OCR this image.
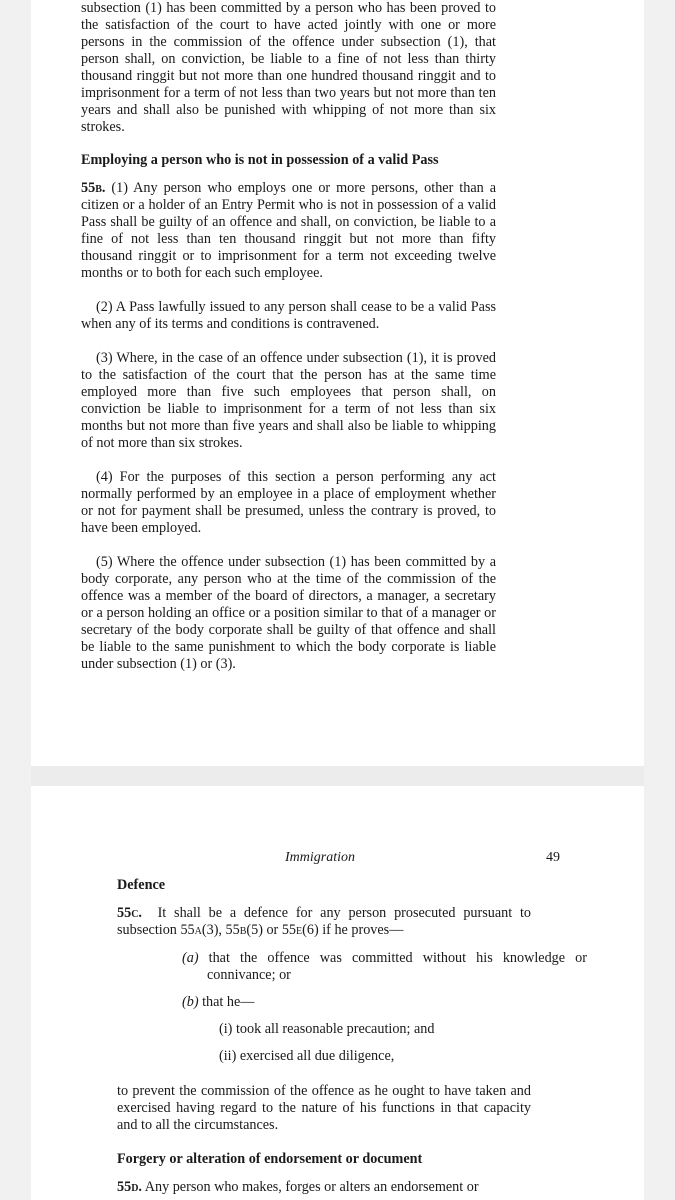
subsection (1) has been committed by a person who has been proved to the satisfaction of the court to have acted jointly with one or more persons in the commission of the offence under subsection (1), that person shall, on conviction, be liable to a fine of not less than thirty thousand ringgit but not more than one hundred thousand ringgit and to imprisonment for a term of not less than two years but not more than ten years and shall also be punished with whipping of not more than six strokes.

Employing a person who is not in possession of a valid Pass

55b. (1) Any person who employs one or more persons, other than a citizen or a holder of an Entry Permit who is not in possession of a valid Pass shall be guilty of an offence and shall, on conviction, be liable to a fine of not less than ten thousand ringgit but not more than fifty thousand ringgit or to imprisonment for a term not exceeding twelve months or to both for each such employee.

(2) A Pass lawfully issued to any person shall cease to be a valid Pass when any of its terms and conditions is contravened.

(3) Where, in the case of an offence under subsection (1), it is proved to the satisfaction of the court that the person has at the same time employed more than five such employees that person shall, on conviction be liable to imprisonment for a term of not less than six months but not more than five years and shall also be liable to whipping of not more than six strokes.

(4) For the purposes of this section a person performing any act normally performed by an employee in a place of employment whether or not for payment shall be presumed, unless the contrary is proved, to have been employed.

(5) Where the offence under subsection (1) has been committed by a body corporate, any person who at the time of the commission of the offence was a member of the board of directors, a manager, a secretary or a person holding an office or a position similar to that of a manager or secretary of the body corporate shall be guilty of that offence and shall be liable to the same punishment to which the body corporate is liable under subsection (1) or (3).

Immigration	49

Defence

55c. It shall be a defence for any person prosecuted pursuant to subsection 55a(3), 55b(5) or 55e(6) if he proves—

(a) that the offence was committed without his knowledge or connivance; or

(b) that he—

(i) took all reasonable precaution; and

(ii) exercised all due diligence,

to prevent the commission of the offence as he ought to have taken and exercised having regard to the nature of his functions in that capacity and to all the circumstances.

Forgery or alteration of endorsement or document

55d. Any person who makes, forges or alters an endorsement or
